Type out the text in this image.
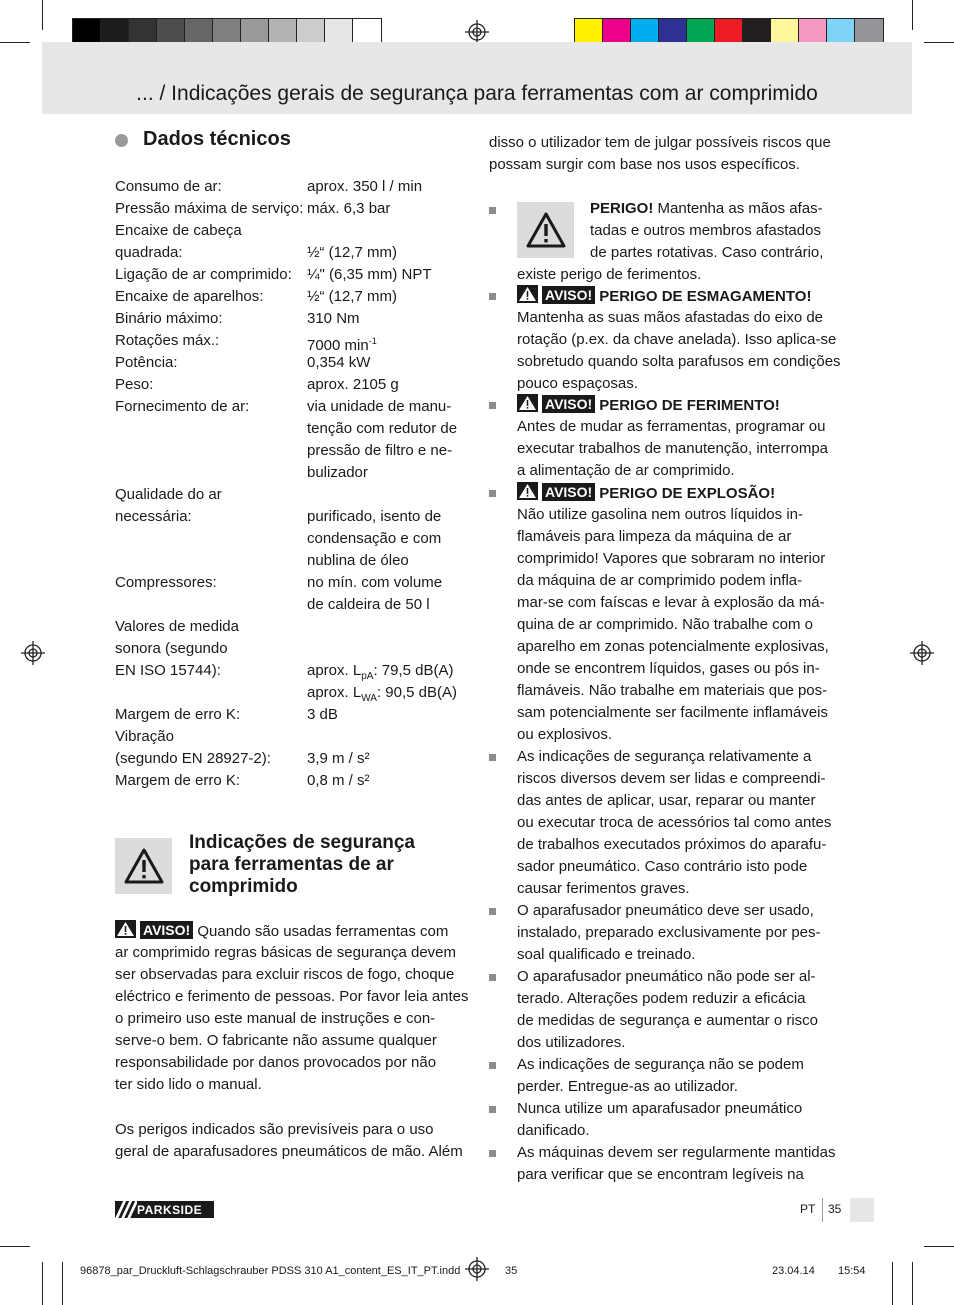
... / Indicações gerais de segurança para ferramentas com ar comprimido
Dados técnicos
Consumo de ar:	aprox. 350 l / min
Pressão máxima de serviço: máx. 6,3 bar
Encaixe de cabeça
quadrada:	½“ (12,7 mm)
Ligação de ar comprimido: ¼" (6,35 mm) NPT
Encaixe de aparelhos:	½“ (12,7 mm)
Binário máximo:	310 Nm
Rotações máx.:	7000 $\min^{-1}$
Potência:	0,354 kW
Peso:	aprox. 2105 g
Fornecimento de ar:	via unidade de manu-
tenção com redutor de
pressão de filtro e ne-
bulizador
Qualidade do ar
necessária:	purificado, isento de
condensação e com
nublina de óleo
Compressores:	no mín. com volume
de caldeira de 50 l
Valores de medida
sonora (segundo
EN ISO 15744):	aprox. $L_{pA}$: 79,5 dB(A)
aprox. $L_{WA}$: 90,5 dB(A)
Margem de erro K:	3 dB
Vibração
(segundo EN 28927-2): 3,9 m / s²
Margem de erro K:	0,8 m / s²
Indicações de segurança
para ferramentas de ar
comprimido
AVISO! Quando são usadas ferramentas com
ar comprimido regras básicas de segurança devem
ser observadas para excluir riscos de fogo, choque
eléctrico e ferimento de pessoas. Por favor leia antes
o primeiro uso este manual de instruções e con-
serve-o bem. O fabricante não assume qualquer
responsabilidade por danos provocados por não
ter sido lido o manual.
Os perigos indicados são previsíveis para o uso
geral de aparafusadores pneumáticos de mão. Além
disso o utilizador tem de julgar possíveis riscos que
possam surgir com base nos usos específicos.
PERIGO! Mantenha as mãos afas-
tadas e outros membros afastados
de partes rotativas. Caso contrário,
existe perigo de ferimentos.
AVISO! PERIGO DE ESMAGAMENTO!
Mantenha as suas mãos afastadas do eixo de
rotação (p.ex. da chave anelada). Isso aplica-se
sobretudo quando solta parafusos em condições
pouco espaçosas.
AVISO! PERIGO DE FERIMENTO!
Antes de mudar as ferramentas, programar ou
executar trabalhos de manutenção, interrompa
a alimentação de ar comprimido.
AVISO! PERIGO DE EXPLOSÃO!
Não utilize gasolina nem outros líquidos in-
flamáveis para limpeza da máquina de ar
comprimido! Vapores que sobraram no interior
da máquina de ar comprimido podem infla-
mar-se com faíscas e levar à explosão da má-
quina de ar comprimido. Não trabalhe com o
aparelho em zonas potencialmente explosivas,
onde se encontrem líquidos, gases ou pós in-
flamáveis. Não trabalhe em materiais que pos-
sam potencialmente ser facilmente inflamáveis
ou explosivos.
As indicações de segurança relativamente a
riscos diversos devem ser lidas e compreendi-
das antes de aplicar, usar, reparar ou manter
ou executar troca de acessórios tal como antes
de trabalhos executados próximos do aparafu-
sador pneumático. Caso contrário isto pode
causar ferimentos graves.
O aparafusador pneumático deve ser usado,
instalado, preparado exclusivamente por pes-
soal qualificado e treinado.
O aparafusador pneumático não pode ser al-
terado. Alterações podem reduzir a eficácia
de medidas de segurança e aumentar o risco
dos utilizadores.
As indicações de segurança não se podem
perder. Entregue-as ao utilizador.
Nunca utilize um aparafusador pneumático
danificado.
As máquinas devem ser regularmente mantidas
para verificar que se encontram legíveis na
PARKSIDE	PT 35
96878_par_Druckluft-Schlagschrauber PDSS 310 A1_content_ES_IT_PT.indd	35	23.04.14 15:54
